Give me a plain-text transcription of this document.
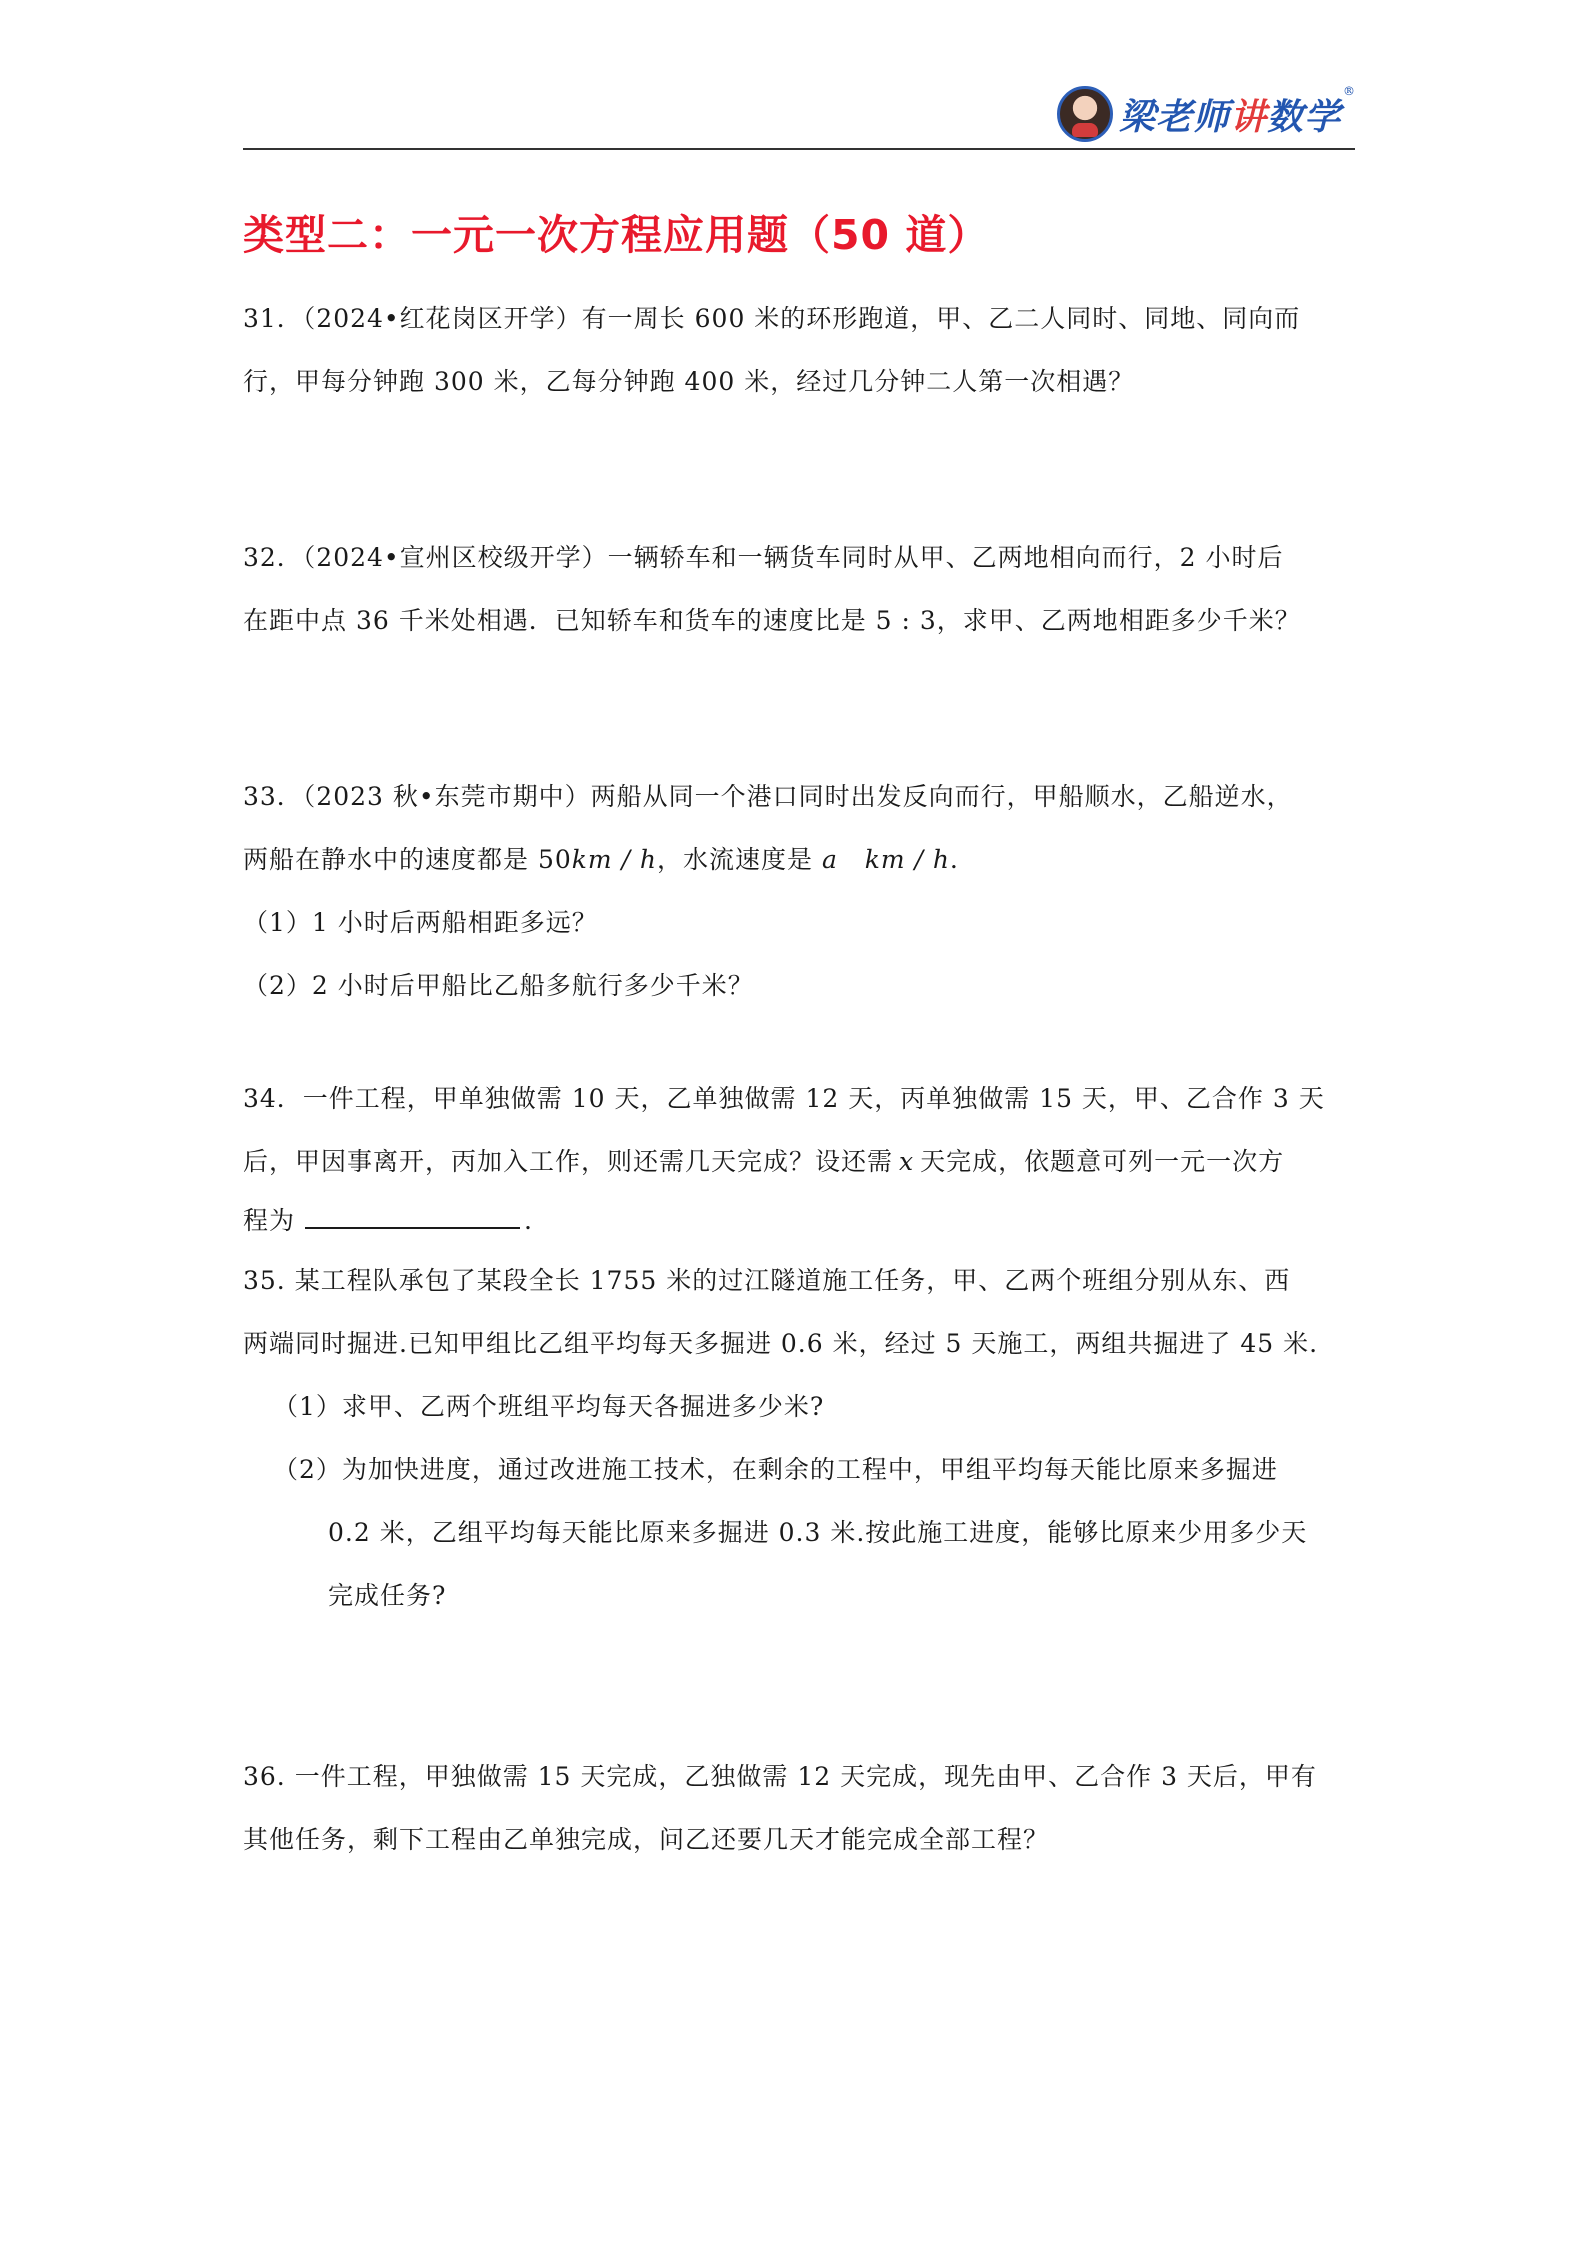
梁老师讲数学
®
类型二：一元一次方程应用题（50 道）

31．（2024•红花岗区开学）有一周长 600 米的环形跑道，甲、乙二人同时、同地、同向而

行，甲每分钟跑 300 米，乙每分钟跑 400 米，经过几分钟二人第一次相遇？

32．（2024•宣州区校级开学）一辆轿车和一辆货车同时从甲、乙两地相向而行，2 小时后

在距中点 36 千米处相遇．已知轿车和货车的速度比是 5 : 3，求甲、乙两地相距多少千米？

33．（2023 秋•东莞市期中）两船从同一个港口同时出发反向而行，甲船顺水，乙船逆水，

两船在静水中的速度都是 50km / h，水流速度是 a km / h．

（1）1 小时后两船相距多远？
（2）2 小时后甲船比乙船多航行多少千米？

34．一件工程，甲单独做需 10 天，乙单独做需 12 天，丙单独做需 15 天，甲、乙合作 3 天

后，甲因事离开，丙加入工作，则还需几天完成？设还需 x 天完成，依题意可列一元一次方

程为	.

35. 某工程队承包了某段全长 1755 米的过江隧道施工任务，甲、乙两个班组分别从东、西

两端同时掘进.已知甲组比乙组平均每天多掘进 0.6 米，经过 5 天施工，两组共掘进了 45 米.

（1）求甲、乙两个班组平均每天各掘进多少米?
（2）为加快进度，通过改进施工技术，在剩余的工程中，甲组平均每天能比原来多掘进
0.2 米，乙组平均每天能比原来多掘进 0.3 米.按此施工进度，能够比原来少用多少天
完成任务?

36. 一件工程，甲独做需 15 天完成，乙独做需 12 天完成，现先由甲、乙合作 3 天后，甲有

其他任务，剩下工程由乙单独完成，问乙还要几天才能完成全部工程？
